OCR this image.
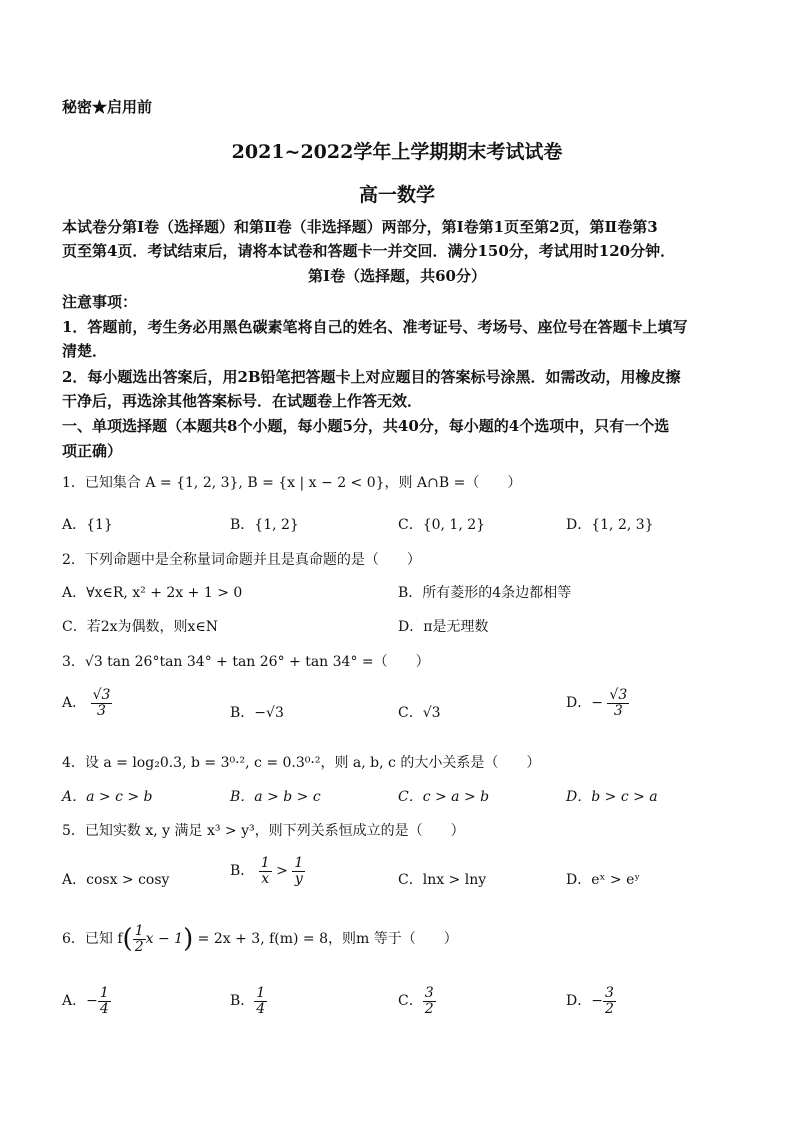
秘密★启用前
2021~2022学年上学期期末考试试卷
高一数学
本试卷分第Ⅰ卷（选择题）和第Ⅱ卷（非选择题）两部分，第Ⅰ卷第1页至第2页，第Ⅱ卷第3
页至第4页．考试结束后，请将本试卷和答题卡一并交回．满分150分，考试用时120分钟．
第Ⅰ卷（选择题，共60分）
注意事项：
1．答题前，考生务必用黑色碳素笔将自己的姓名、准考证号、考场号、座位号在答题卡上填写
清楚．
2．每小题选出答案后，用2B铅笔把答题卡上对应题目的答案标号涂黑．如需改动，用橡皮擦
干净后，再选涂其他答案标号．在试题卷上作答无效．
一、单项选择题（本题共8个小题，每小题5分，共40分，每小题的4个选项中，只有一个选
项正确）
1．已知集合 A = {1, 2, 3}, B = {x | x − 2 < 0}，则 A∩B =（　　）
A．{1}	B．{1, 2}	C．{0, 1, 2}	D．{1, 2, 3}
2．下列命题中是全称量词命题并且是真命题的是（　　）
A．∀x∈R, x² + 2x + 1 > 0	B．所有菱形的4条边都相等
C．若2x为偶数，则x∈N	D．π是无理数
3．√3 tan 26°tan 34° + tan 26° + tan 34° =（　　）
A． $\frac{√3}{3}$	B．−√3	C．√3
D．− $\frac{√3}{3}$
4．设 a = log₂0.3, b = 3⁰·², c = 0.3⁰·²，则 a, b, c 的大小关系是（　　）
A．a > c > b	B．a > b > c	C．c > a > b	D．b > c > a
5．已知实数 x, y 满足 x³ > y³，则下列关系恒成立的是（　　）
A．cosx > cosy
B． $\frac{1}{x} > \frac{1}{y}$	C．lnx > lny	D．eˣ > eʸ
6．已知 $f( \frac{1}{2}$ x − 1) = 2x + 3, f(m) = 8，则m 等于（　　）
A．− $\frac{1}{4}$	B． $\frac{1}{4}$	C． $\frac{3}{2}$	D．− $\frac{3}{2}$
